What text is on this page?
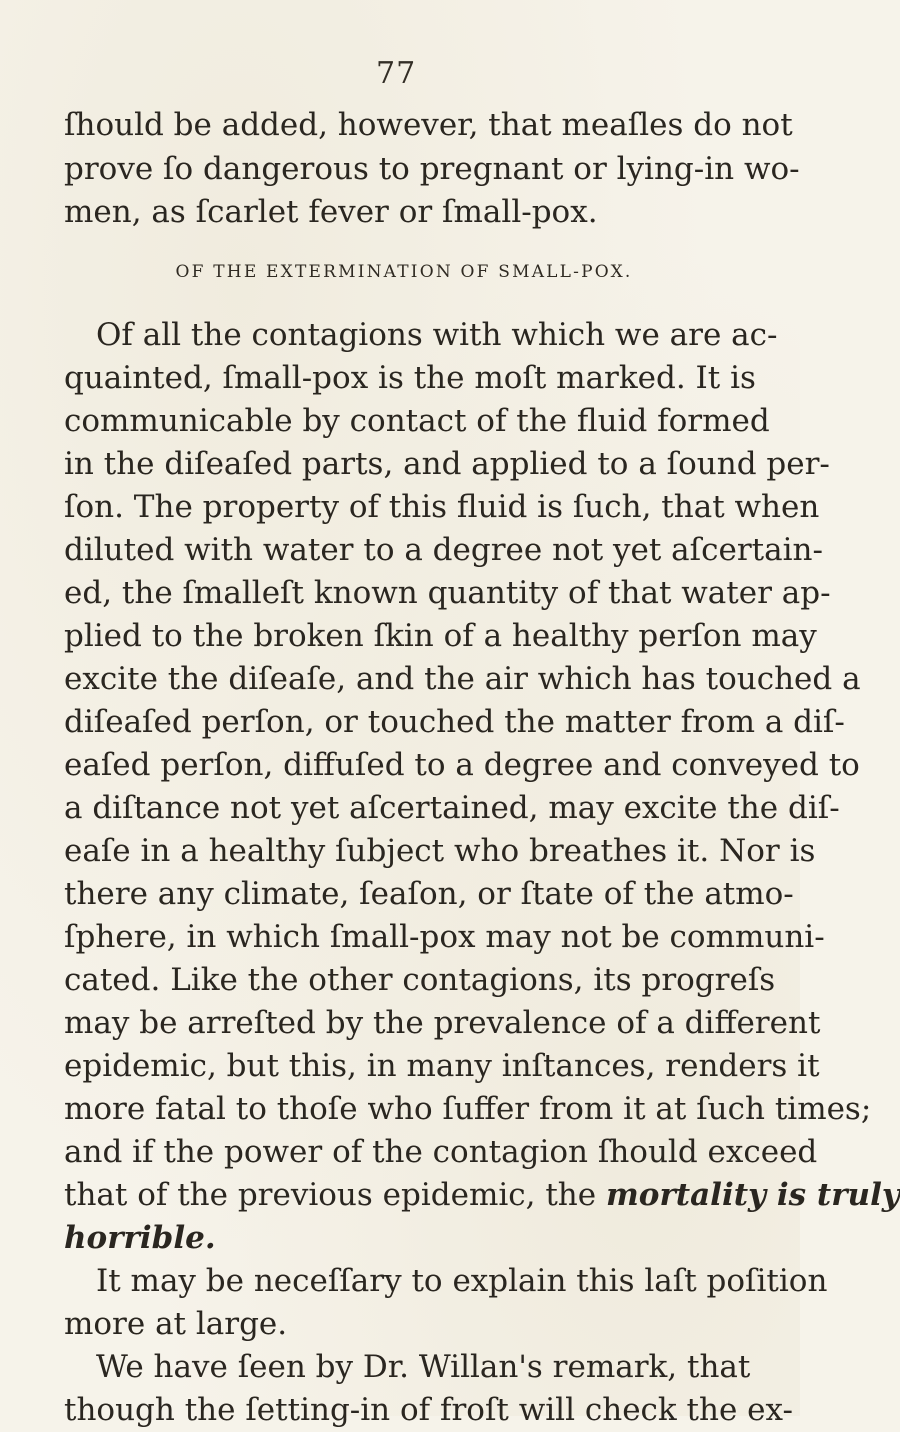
77
ſhould be added, however, that meaſles do not
prove ſo dangerous to pregnant or lying-in wo-
men, as ſcarlet fever or ſmall-pox.
OF THE EXTERMINATION OF SMALL-POX.
Of all the contagions with which we are ac-
quainted, ſmall-pox is the moſt marked. It is
communicable by contact of the fluid formed
in the diſeaſed parts, and applied to a ſound per-
ſon. The property of this fluid is ſuch, that when
diluted with water to a degree not yet aſcertain-
ed, the ſmalleſt known quantity of that water ap-
plied to the broken ſkin of a healthy perſon may
excite the diſeaſe, and the air which has touched a
diſeaſed perſon, or touched the matter from a diſ-
eaſed perſon, diffuſed to a degree and conveyed to
a diſtance not yet aſcertained, may excite the diſ-
eaſe in a healthy ſubject who breathes it. Nor is
there any climate, ſeaſon, or ſtate of the atmo-
ſphere, in which ſmall-pox may not be communi-
cated. Like the other contagions, its progreſs
may be arreſted by the prevalence of a different
epidemic, but this, in many inſtances, renders it
more fatal to thoſe who ſuffer from it at ſuch times;
and if the power of the contagion ſhould exceed
that of the previous epidemic, the mortality is truly
horrible.
It may be neceſſary to explain this laſt poſition
more at large.
We have ſeen by Dr. Willan's remark, that
though the ſetting-in of froſt will check the ex-
